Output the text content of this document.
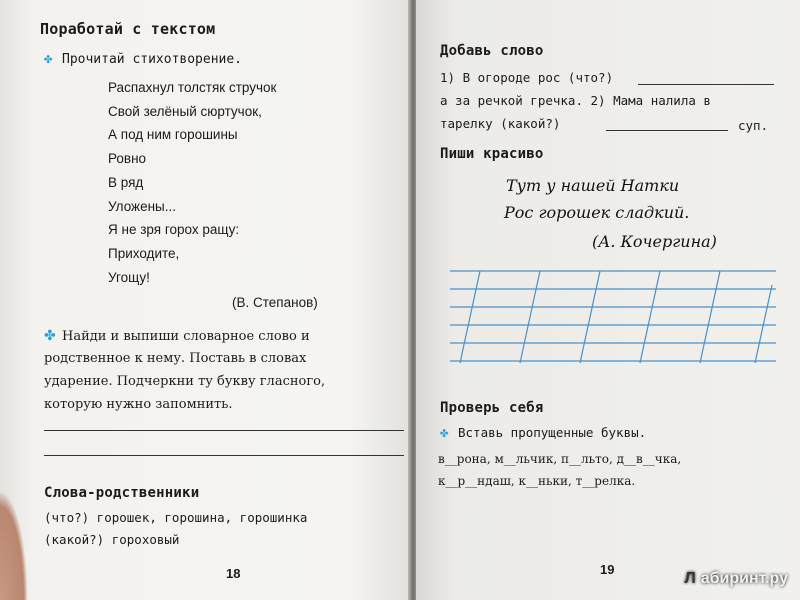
Поработай с текстом
✤ Прочитай стихотворение.
Распахнул толстяк стручок
Свой зелёный сюртучок,
А под ним горошины
Ровно
В ряд
Уложены...
Я не зря горох ращу:
Приходите,
Угощу!
(В. Степанов)
✤ Найди и выпиши словарное слово и
родственное к нему. Поставь в словах
ударение. Подчеркни ту букву гласного,
которую нужно запомнить.
Слова-родственники
(что?) горошек, горошина, горошинка
(какой?) гороховый
18
Добавь слово
1) В огороде рос (что?)
а за речкой гречка. 2) Мама налила в
тарелку (какой?)	суп.
Пиши красиво
Тут у нашей Натки
Рос горошек сладкий.
(А. Кочергина)
Проверь себя
✤ Вставь пропущенные буквы.
в__рона, м__льчик, п__льто, д__в__чка,
к__р__ндаш, к__ньки, т__релка.
19
Л абиринт.ру
